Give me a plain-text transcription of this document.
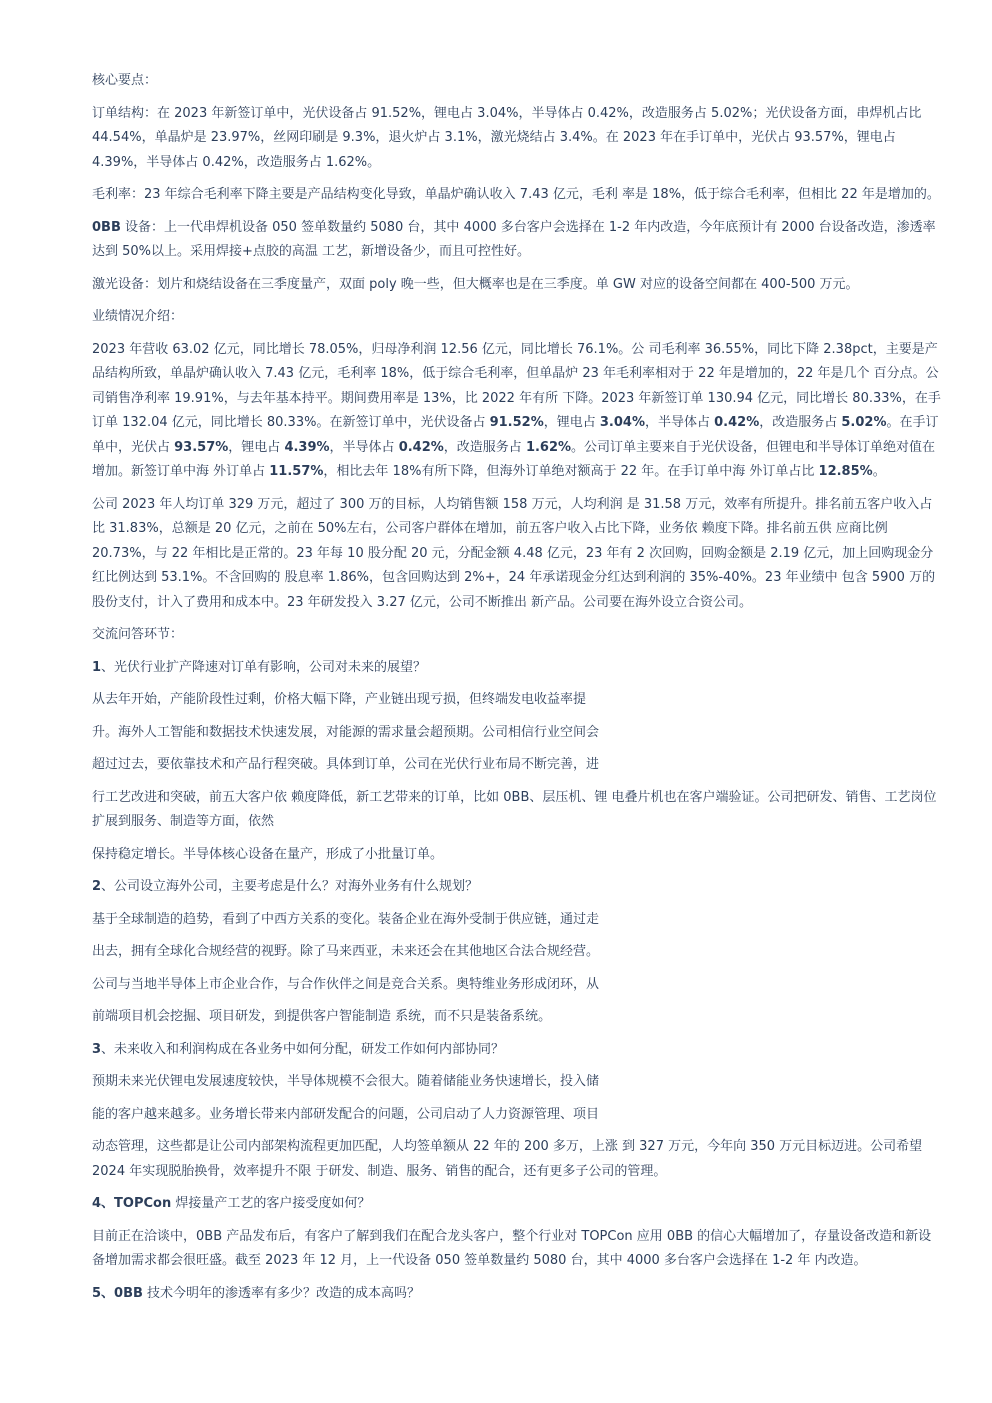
核心要点：

订单结构：在 2023 年新签订单中，光伏设备占 91.52%，锂电占 3.04%，半导体占 0.42%，改造服务占 5.02%；光伏设备方面，串焊机占比 44.54%，单晶炉是 23.97%，丝网印刷是 9.3%，退火炉占 3.1%，激光烧结占 3.4%。在 2023 年在手订单中，光伏占 93.57%，锂电占 4.39%，半导体占 0.42%，改造服务占 1.62%。

毛利率：23 年综合毛利率下降主要是产品结构变化导致，单晶炉确认收入 7.43 亿元，毛利 率是 18%，低于综合毛利率，但相比 22 年是增加的。

0BB 设备：上一代串焊机设备 050 签单数量约 5080 台，其中 4000 多台客户会选择在 1-2 年内改造，今年底预计有 2000 台设备改造，渗透率达到 50%以上。采用焊接+点胶的高温 工艺，新增设备少，而且可控性好。

激光设备：划片和烧结设备在三季度量产，双面 poly 晚一些，但大概率也是在三季度。单 GW 对应的设备空间都在 400-500 万元。

业绩情况介绍：

2023 年营收 63.02 亿元，同比增长 78.05%，归母净利润 12.56 亿元，同比增长 76.1%。公 司毛利率 36.55%，同比下降 2.38pct，主要是产品结构所致，单晶炉确认收入 7.43 亿元，毛利率 18%，低于综合毛利率，但单晶炉 23 年毛利率相对于 22 年是增加的，22 年是几个 百分点。公司销售净利率 19.91%，与去年基本持平。期间费用率是 13%，比 2022 年有所 下降。2023 年新签订单 130.94 亿元，同比增长 80.33%，在手订单 132.04 亿元，同比增长 80.33%。在新签订单中，光伏设备占 91.52%，锂电占 3.04%，半导体占 0.42%，改造服务占 5.02%。在手订单中，光伏占 93.57%，锂电占 4.39%，半导体占 0.42%，改造服务占 1.62%。公司订单主要来自于光伏设备，但锂电和半导体订单绝对值在增加。新签订单中海 外订单占 11.57%，相比去年 18%有所下降，但海外订单绝对额高于 22 年。在手订单中海 外订单占比 12.85%。

公司 2023 年人均订单 329 万元，超过了 300 万的目标，人均销售额 158 万元，人均利润 是 31.58 万元，效率有所提升。排名前五客户收入占比 31.83%，总额是 20 亿元，之前在 50%左右，公司客户群体在增加，前五客户收入占比下降，业务依 赖度下降。排名前五供 应商比例 20.73%，与 22 年相比是正常的。23 年每 10 股分配 20 元，分配金额 4.48 亿元，23 年有 2 次回购，回购金额是 2.19 亿元，加上回购现金分红比例达到 53.1%。不含回购的 股息率 1.86%，包含回购达到 2%+，24 年承诺现金分红达到利润的 35%-40%。23 年业绩中 包含 5900 万的股份支付，计入了费用和成本中。23 年研发投入 3.27 亿元，公司不断推出 新产品。公司要在海外设立合资公司。

交流问答环节：

1、光伏行业扩产降速对订单有影响，公司对未来的展望？

从去年开始，产能阶段性过剩，价格大幅下降，产业链出现亏损，但终端发电收益率提

升。海外人工智能和数据技术快速发展，对能源的需求量会超预期。公司相信行业空间会

超过过去，要依靠技术和产品行程突破。具体到订单，公司在光伏行业布局不断完善，进

行工艺改进和突破，前五大客户依 赖度降低，新工艺带来的订单，比如 0BB、层压机、锂 电叠片机也在客户端验证。公司把研发、销售、工艺岗位扩展到服务、制造等方面，依然

保持稳定增长。半导体核心设备在量产，形成了小批量订单。

2、公司设立海外公司，主要考虑是什么？对海外业务有什么规划？

基于全球制造的趋势，看到了中西方关系的变化。装备企业在海外受制于供应链，通过走

出去，拥有全球化合规经营的视野。除了马来西亚，未来还会在其他地区合法合规经营。

公司与当地半导体上市企业合作，与合作伙伴之间是竞合关系。奥特维业务形成闭环，从

前端项目机会挖掘、项目研发，到提供客户智能制造 系统，而不只是装备系统。

3、未来收入和利润构成在各业务中如何分配，研发工作如何内部协同？

预期未来光伏锂电发展速度较快，半导体规模不会很大。随着储能业务快速增长，投入储

能的客户越来越多。业务增长带来内部研发配合的问题，公司启动了人力资源管理、项目

动态管理，这些都是让公司内部架构流程更加匹配，人均签单额从 22 年的 200 多万，上涨 到 327 万元，今年向 350 万元目标迈进。公司希望 2024 年实现脱胎换骨，效率提升不限 于研发、制造、服务、销售的配合，还有更多子公司的管理。

4、TOPCon 焊接量产工艺的客户接受度如何？

目前正在洽谈中，0BB 产品发布后，有客户了解到我们在配合龙头客户，整个行业对 TOPCon 应用 0BB 的信心大幅增加了，存量设备改造和新设备增加需求都会很旺盛。截至 2023 年 12 月，上一代设备 050 签单数量约 5080 台，其中 4000 多台客户会选择在 1-2 年 内改造。

5、0BB 技术今明年的渗透率有多少？改造的成本高吗？
